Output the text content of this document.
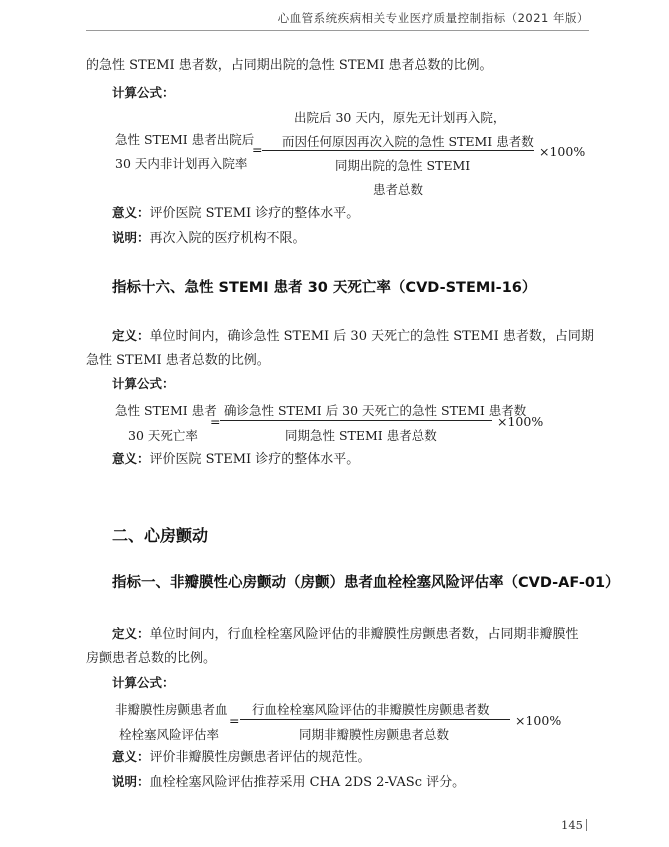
心血管系统疾病相关专业医疗质量控制指标（2021 年版）
的急性 STEMI 患者数，占同期出院的急性 STEMI 患者总数的比例。
计算公式：
急性 STEMI 患者出院后
30 天内非计划再入院率
=
出院后 30 天内，原先无计划再入院，
而因任何原因再次入院的急性 STEMI 患者数
同期出院的急性 STEMI
患者总数
×100%
意义：评价医院 STEMI 诊疗的整体水平。
说明：再次入院的医疗机构不限。
指标十六、急性 STEMI 患者 30 天死亡率（CVD-STEMI-16）
定义：单位时间内，确诊急性 STEMI 后 30 天死亡的急性 STEMI 患者数，占同期
急性 STEMI 患者总数的比例。
计算公式：
急性 STEMI 患者
30 天死亡率
=
确诊急性 STEMI 后 30 天死亡的急性 STEMI 患者数
同期急性 STEMI 患者总数
×100%
意义：评价医院 STEMI 诊疗的整体水平。
二、心房颤动
指标一、非瓣膜性心房颤动（房颤）患者血栓栓塞风险评估率（CVD-AF-01）
定义：单位时间内，行血栓栓塞风险评估的非瓣膜性房颤患者数，占同期非瓣膜性
房颤患者总数的比例。
计算公式：
非瓣膜性房颤患者血
栓栓塞风险评估率
=
行血栓栓塞风险评估的非瓣膜性房颤患者数
同期非瓣膜性房颤患者总数
×100%
意义：评价非瓣膜性房颤患者评估的规范性。
说明：血栓栓塞风险评估推荐采用 CHA 2DS 2-VASc 评分。
145
